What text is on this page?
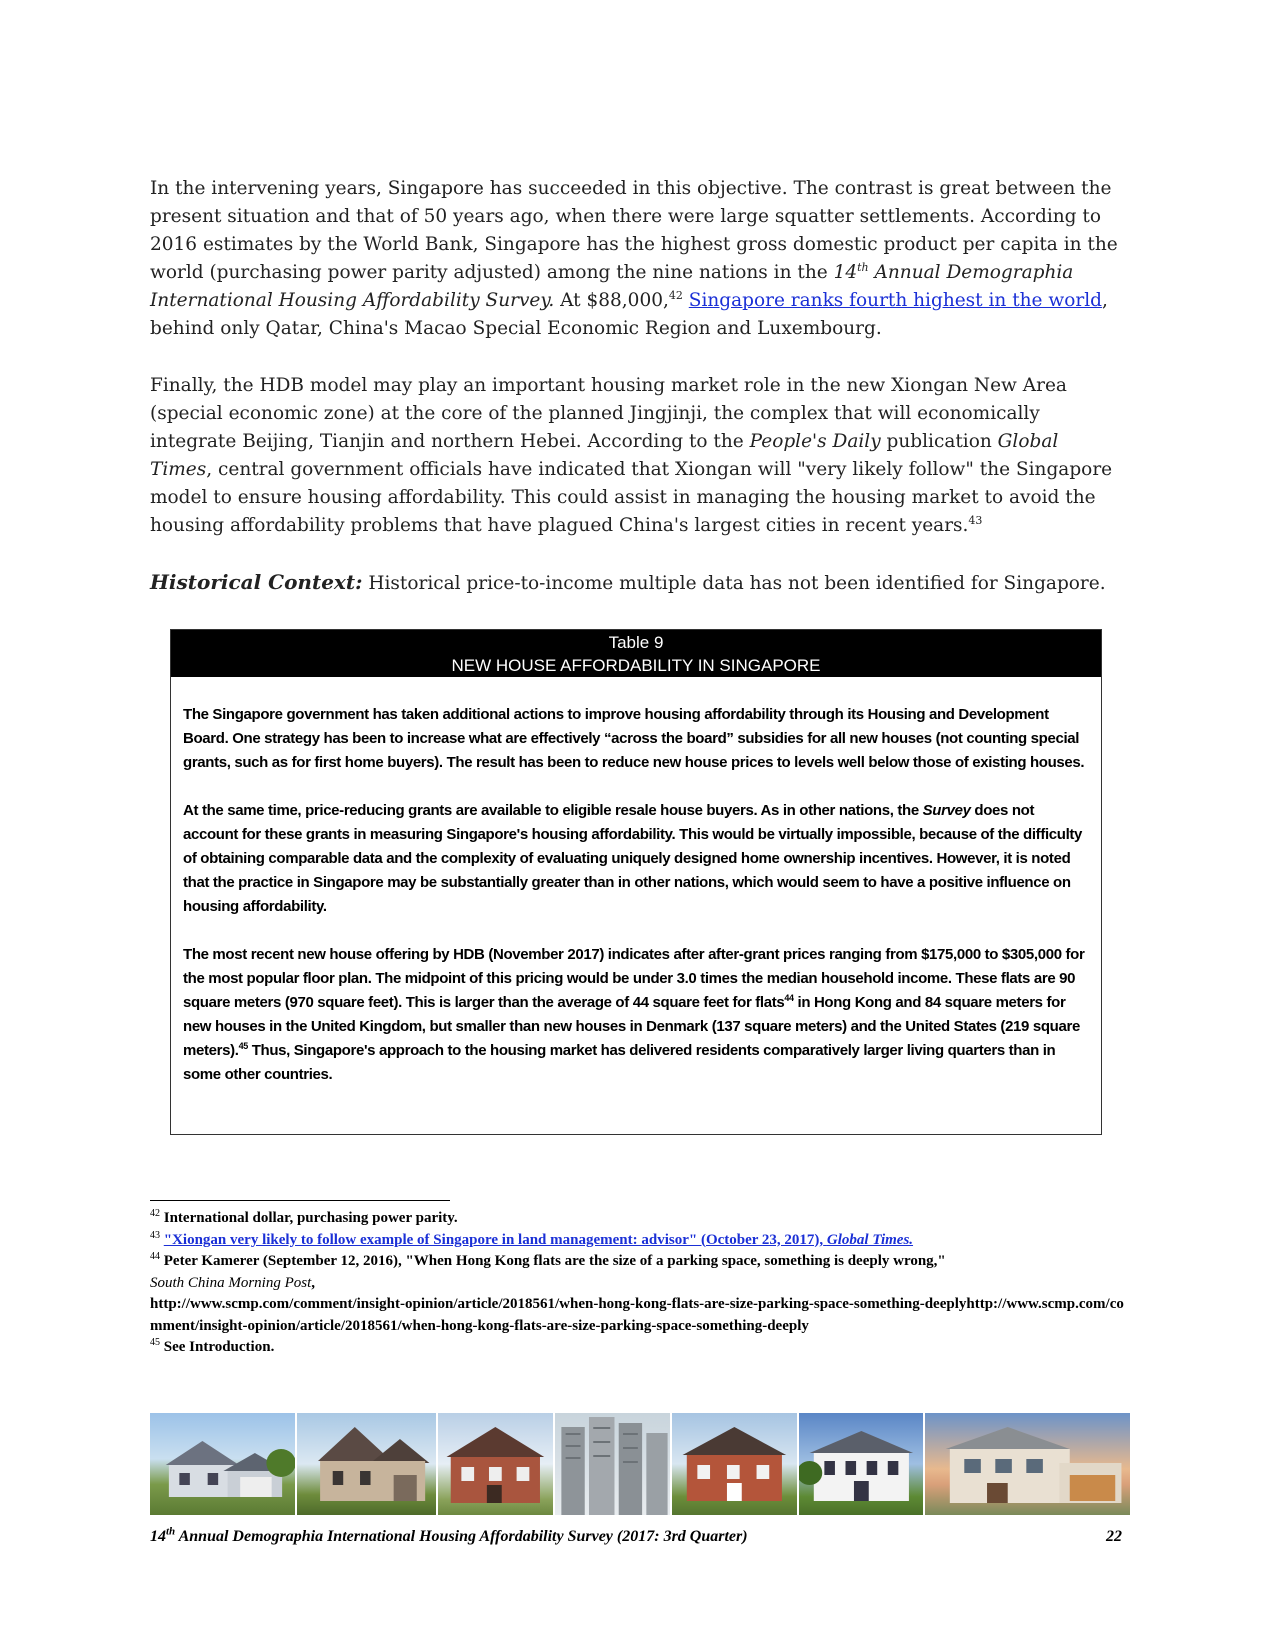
In the intervening years, Singapore has succeeded in this objective. The contrast is great between the present situation and that of 50 years ago, when there were large squatter settlements. According to 2016 estimates by the World Bank, Singapore has the highest gross domestic product per capita in the world (purchasing power parity adjusted) among the nine nations in the 14th Annual Demographia International Housing Affordability Survey. At $88,000,42 Singapore ranks fourth highest in the world, behind only Qatar, China's Macao Special Economic Region and Luxembourg.
Finally, the HDB model may play an important housing market role in the new Xiongan New Area (special economic zone) at the core of the planned Jingjinji, the complex that will economically integrate Beijing, Tianjin and northern Hebei. According to the People's Daily publication Global Times, central government officials have indicated that Xiongan will "very likely follow" the Singapore model to ensure housing affordability. This could assist in managing the housing market to avoid the housing affordability problems that have plagued China's largest cities in recent years.$^{43}$
Historical Context: Historical price-to-income multiple data has not been identified for Singapore.
Table 9
NEW HOUSE AFFORDABILITY IN SINGAPORE

The Singapore government has taken additional actions to improve housing affordability through its Housing and Development Board. One strategy has been to increase what are effectively “across the board” subsidies for all new houses (not counting special grants, such as for first home buyers). The result has been to reduce new house prices to levels well below those of existing houses.

At the same time, price-reducing grants are available to eligible resale house buyers. As in other nations, the Survey does not account for these grants in measuring Singapore's housing affordability. This would be virtually impossible, because of the difficulty of obtaining comparable data and the complexity of evaluating uniquely designed home ownership incentives. However, it is noted that the practice in Singapore may be substantially greater than in other nations, which would seem to have a positive influence on housing affordability.

The most recent new house offering by HDB (November 2017) indicates after after-grant prices ranging from $175,000 to $305,000 for the most popular floor plan. The midpoint of this pricing would be under 3.0 times the median household income. These flats are 90 square meters (970 square feet). This is larger than the average of 44 square feet for flats$^{44}$ in Hong Kong and 84 square meters for new houses in the United Kingdom, but smaller than new houses in Denmark (137 square meters) and the United States (219 square meters).$^{45}$ Thus, Singapore's approach to the housing market has delivered residents comparatively larger living quarters than in some other countries.

$^{42}$ International dollar, purchasing power parity.
$^{43}$ "Xiongan very likely to follow example of Singapore in land management: advisor" (October 23, 2017), Global Times.
$^{44}$ Peter Kamerer (September 12, 2016), "When Hong Kong flats are the size of a parking space, something is deeply wrong,"
South China Morning Post,
http://www.scmp.com/comment/insight-opinion/article/2018561/when-hong-kong-flats-are-size-parking-space-something-deeplyhttp://www.scmp.com/comment/insight-opinion/article/2018561/when-hong-kong-flats-are-size-parking-space-something-deeply
$^{45}$ See Introduction.
14th Annual Demographia International Housing Affordability Survey (2017: 3rd Quarter)	22
